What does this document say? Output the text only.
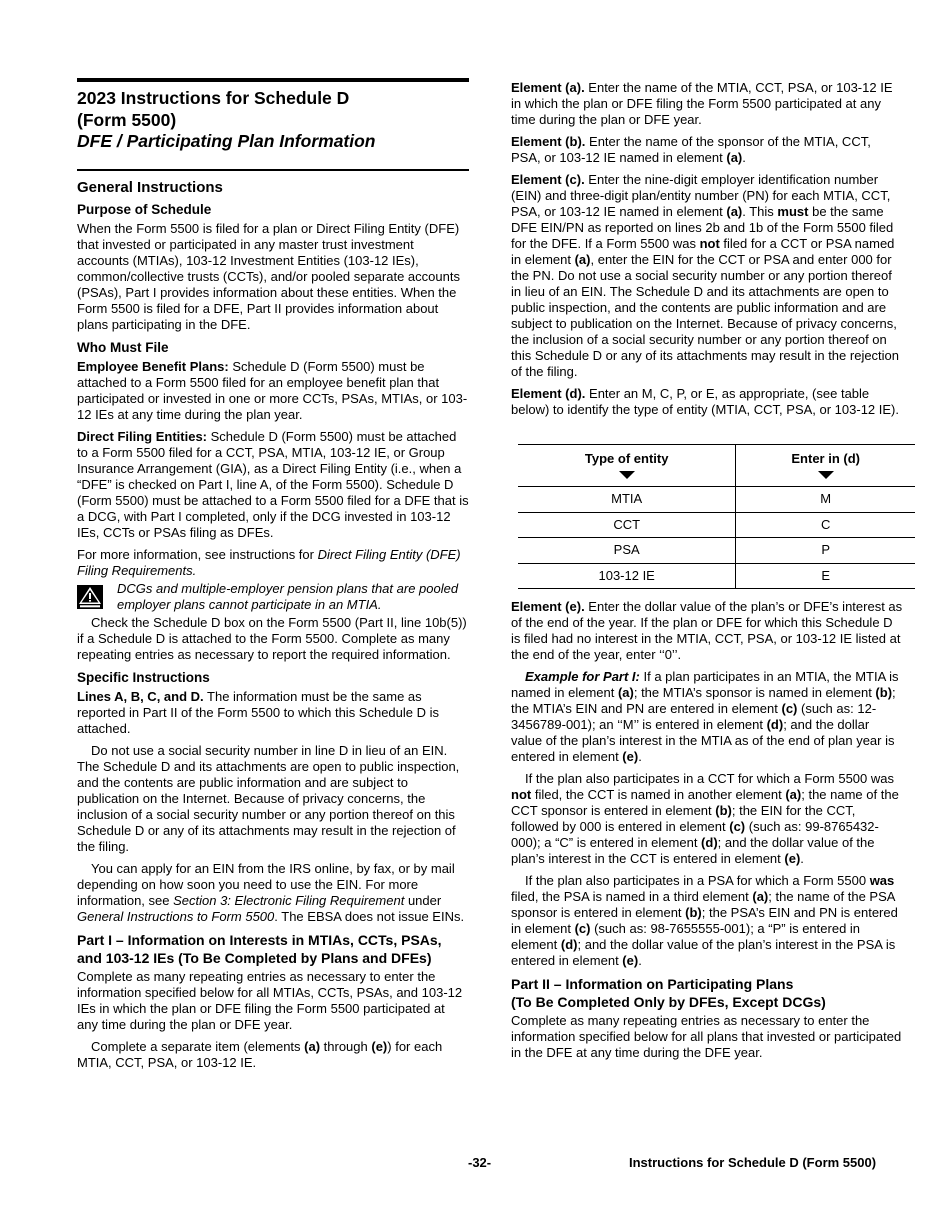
2023 Instructions for Schedule D
(Form 5500)
DFE / Participating Plan Information
General Instructions
Purpose of Schedule

When the Form 5500 is filed for a plan or Direct Filing Entity (DFE) that invested or participated in any master trust investment accounts (MTIAs), 103-12 Investment Entities (103-12 IEs), common/collective trusts (CCTs), and/or pooled separate accounts (PSAs), Part I provides information about these entities. When the Form 5500 is filed for a DFE, Part II provides information about plans participating in the DFE.

Who Must File

Employee Benefit Plans: Schedule D (Form 5500) must be attached to a Form 5500 filed for an employee benefit plan that participated or invested in one or more CCTs, PSAs, MTIAs, or 103-12 IEs at any time during the plan year.

Direct Filing Entities: Schedule D (Form 5500) must be attached to a Form 5500 filed for a CCT, PSA, MTIA, 103-12 IE, or Group Insurance Arrangement (GIA), as a Direct Filing Entity (i.e., when a “DFE” is checked on Part I, line A, of the Form 5500). Schedule D (Form 5500) must be attached to a Form 5500 filed for a DFE that is a DCG, with Part I completed, only if the DCG invested in 103-12 IEs, CCTs or PSAs filing as DFEs.

For more information, see instructions for Direct Filing Entity (DFE) Filing Requirements.

DCGs and multiple-employer pension plans that are pooled employer plans cannot participate in an MTIA.

Check the Schedule D box on the Form 5500 (Part II, line 10b(5)) if a Schedule D is attached to the Form 5500. Complete as many repeating entries as necessary to report the required information.

Specific Instructions

Lines A, B, C, and D. The information must be the same as reported in Part II of the Form 5500 to which this Schedule D is attached.

Do not use a social security number in line D in lieu of an EIN. The Schedule D and its attachments are open to public inspection, and the contents are public information and are subject to publication on the Internet. Because of privacy concerns, the inclusion of a social security number or any portion thereof on this Schedule D or any of its attachments may result in the rejection of the filing.

You can apply for an EIN from the IRS online, by fax, or by mail depending on how soon you need to use the EIN. For more information, see Section 3: Electronic Filing Requirement under General Instructions to Form 5500. The EBSA does not issue EINs.

Part I – Information on Interests in MTIAs, CCTs, PSAs, and 103-12 IEs (To Be Completed by Plans and DFEs)

Complete as many repeating entries as necessary to enter the information specified below for all MTIAs, CCTs, PSAs, and 103-12 IEs in which the plan or DFE filing the Form 5500 participated at any time during the plan or DFE year.

Complete a separate item (elements (a) through (e)) for each MTIA, CCT, PSA, or 103-12 IE.

Element (a). Enter the name of the MTIA, CCT, PSA, or 103-12 IE in which the plan or DFE filing the Form 5500 participated at any time during the plan or DFE year.

Element (b). Enter the name of the sponsor of the MTIA, CCT, PSA, or 103-12 IE named in element (a).

Element (c). Enter the nine-digit employer identification number (EIN) and three-digit plan/entity number (PN) for each MTIA, CCT, PSA, or 103-12 IE named in element (a). This must be the same DFE EIN/PN as reported on lines 2b and 1b of the Form 5500 filed for the DFE. If a Form 5500 was not filed for a CCT or PSA named in element (a), enter the EIN for the CCT or PSA and enter 000 for the PN. Do not use a social security number or any portion thereof in lieu of an EIN. The Schedule D and its attachments are open to public inspection, and the contents are public information and are subject to publication on the Internet. Because of privacy concerns, the inclusion of a social security number or any portion thereof on this Schedule D or any of its attachments may result in the rejection of the filing.

Element (d). Enter an M, C, P, or E, as appropriate, (see table below) to identify the type of entity (MTIA, CCT, PSA, or 103-12 IE).

Type of entity	Enter in (d)

MTIA	M
CCT	C
PSA	P
103-12 IE	E

Element (e). Enter the dollar value of the plan’s or DFE’s interest as of the end of the year. If the plan or DFE for which this Schedule D is filed had no interest in the MTIA, CCT, PSA, or 103-12 IE listed at the end of the year, enter ‘‘0’’.

Example for Part I: If a plan participates in an MTIA, the MTIA is named in element (a); the MTIA’s sponsor is named in element (b); the MTIA’s EIN and PN are entered in element (c) (such as: 12-3456789-001); an ‘‘M’’ is entered in element (d); and the dollar value of the plan’s interest in the MTIA as of the end of plan year is entered in element (e).

If the plan also participates in a CCT for which a Form 5500 was not filed, the CCT is named in another element (a); the name of the CCT sponsor is entered in element (b); the EIN for the CCT, followed by 000 is entered in element (c) (such as: 99-8765432-000); a “C” is entered in element (d); and the dollar value of the plan’s interest in the CCT is entered in element (e).

If the plan also participates in a PSA for which a Form 5500 was filed, the PSA is named in a third element (a); the name of the PSA sponsor is entered in element (b); the PSA’s EIN and PN is entered in element (c) (such as: 98-7655555-001); a “P” is entered in element (d); and the dollar value of the plan’s interest in the PSA is entered in element (e).

Part II – Information on Participating Plans
(To Be Completed Only by DFEs, Except DCGs)

Complete as many repeating entries as necessary to enter the information specified below for all plans that invested or participated in the DFE at any time during the DFE year.

-32-	Instructions for Schedule D (Form 5500)
